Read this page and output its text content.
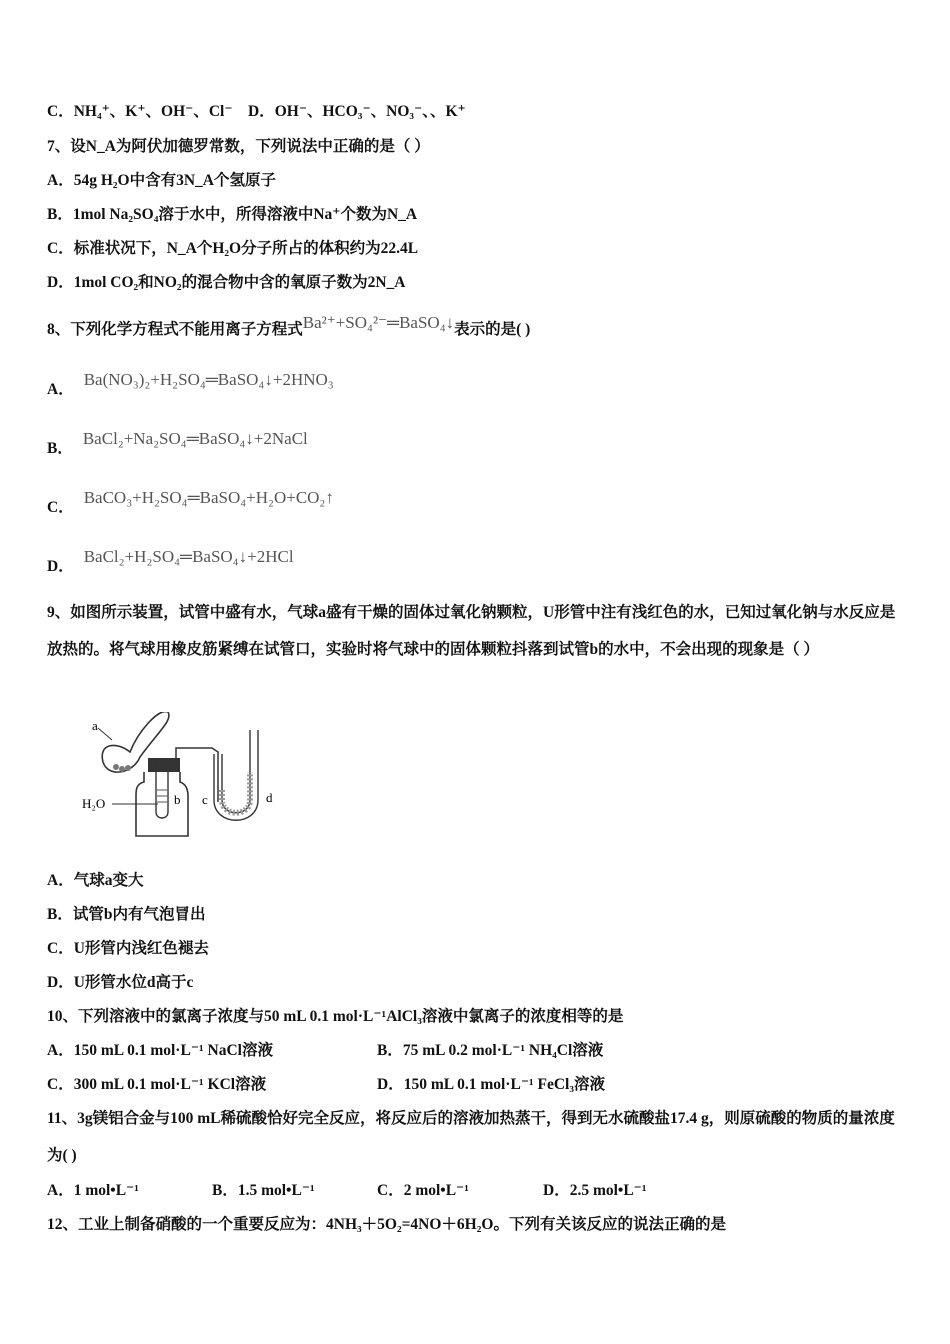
C．NH₄⁺、K⁺、OH⁻、Cl⁻ D．OH⁻、HCO₃⁻、NO₃⁻、、K⁺
7、设N_A为阿伏加德罗常数，下列说法中正确的是（ ）
A．54g H₂O中含有3N_A个氢原子
B．1mol Na₂SO₄溶于水中，所得溶液中Na⁺个数为N_A
C．标准状况下，N_A个H₂O分子所占的体积约为22.4L
D．1mol CO₂和NO₂的混合物中含的氧原子数为2N_A
8、下列化学方程式不能用离子方程式Ba²⁺+SO₄²⁻═BaSO₄↓表示的是( )
A．Ba(NO₃)₂+H₂SO₄═BaSO₄↓+2HNO₃
B．BaCl₂+Na₂SO₄═BaSO₄↓+2NaCl
C．BaCO₃+H₂SO₄═BaSO₄+H₂O+CO₂↑
D．BaCl₂+H₂SO₄═BaSO₄↓+2HCl
9、如图所示装置，试管中盛有水，气球a盛有干燥的固体过氧化钠颗粒，U形管中注有浅红色的水，已知过氧化钠与水反应是放热的。将气球用橡皮筋紧缚在试管口，实验时将气球中的固体颗粒抖落到试管b的水中，不会出现的现象是（ ）
a
b
H₂O	c	d
A．气球a变大
B．试管b内有气泡冒出
C．U形管内浅红色褪去
D．U形管水位d高于c
10、下列溶液中的氯离子浓度与50 mL 0.1 mol·L⁻¹AlCl₃溶液中氯离子的浓度相等的是
A．150 mL 0.1 mol·L⁻¹ NaCl溶液	B．75 mL 0.2 mol·L⁻¹ NH₄Cl溶液
C．300 mL 0.1 mol·L⁻¹ KCl溶液	D．150 mL 0.1 mol·L⁻¹ FeCl₃溶液
11、3g镁铝合金与100 mL稀硫酸恰好完全反应，将反应后的溶液加热蒸干，得到无水硫酸盐17.4 g，则原硫酸的物质的量浓度为( )
A．1 mol•L⁻¹	B．1.5 mol•L⁻¹	C．2 mol•L⁻¹	D．2.5 mol•L⁻¹
12、工业上制备硝酸的一个重要反应为：4NH₃＋5O₂=4NO＋6H₂O。下列有关该反应的说法正确的是
